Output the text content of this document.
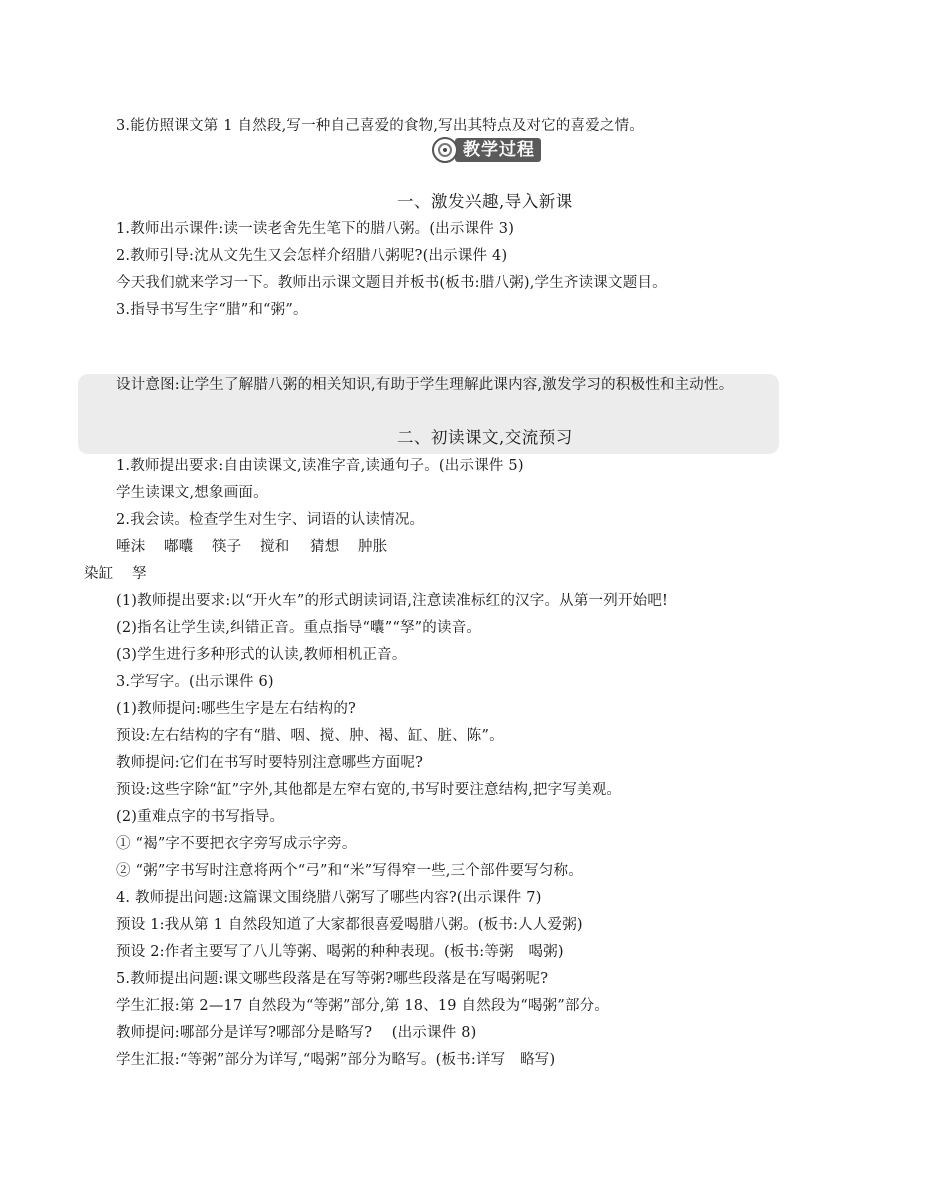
3.能仿照课文第 1 自然段,写一种自己喜爱的食物,写出其特点及对它的喜爱之情。
教学过程
一、激发兴趣,导入新课
1.教师出示课件:读一读老舍先生笔下的腊八粥。(出示课件 3)
2.教师引导:沈从文先生又会怎样介绍腊八粥呢?(出示课件 4)
今天我们就来学习一下。教师出示课文题目并板书(板书:腊八粥),学生齐读课文题目。
3.指导书写生字“腊”和“粥”。
设计意图:让学生了解腊八粥的相关知识,有助于学生理解此课内容,激发学习的积极性和主动性。
二、初读课文,交流预习
1.教师提出要求:自由读课文,读准字音,读通句子。(出示课件 5)
学生读课文,想象画面。
2.我会读。检查学生对生字、词语的认读情况。
唾沫 嘟囔 筷子 搅和 猜想 肿胀
染缸 孥
(1)教师提出要求:以“开火车”的形式朗读词语,注意读准标红的汉字。从第一列开始吧!
(2)指名让学生读,纠错正音。重点指导“囔”“孥”的读音。
(3)学生进行多种形式的认读,教师相机正音。
3.学写字。(出示课件 6)
(1)教师提问:哪些生字是左右结构的?
预设:左右结构的字有“腊、咽、搅、肿、褐、缸、脏、陈”。
教师提问:它们在书写时要特别注意哪些方面呢?
预设:这些字除“缸”字外,其他都是左窄右宽的,书写时要注意结构,把字写美观。
(2)重难点字的书写指导。
① “褐”字不要把衣字旁写成示字旁。
② “粥”字书写时注意将两个“弓”和“米”写得窄一些,三个部件要写匀称。
4. 教师提出问题:这篇课文围绕腊八粥写了哪些内容?(出示课件 7)
预设 1:我从第 1 自然段知道了大家都很喜爱喝腊八粥。(板书:人人爱粥)
预设 2:作者主要写了八儿等粥、喝粥的种种表现。(板书:等粥　喝粥)
5.教师提出问题:课文哪些段落是在写等粥?哪些段落是在写喝粥呢?
学生汇报:第 2—17 自然段为“等粥”部分,第 18、19 自然段为“喝粥”部分。
教师提问:哪部分是详写?哪部分是略写?　 (出示课件 8)
学生汇报:“等粥”部分为详写,“喝粥”部分为略写。(板书:详写　略写)
